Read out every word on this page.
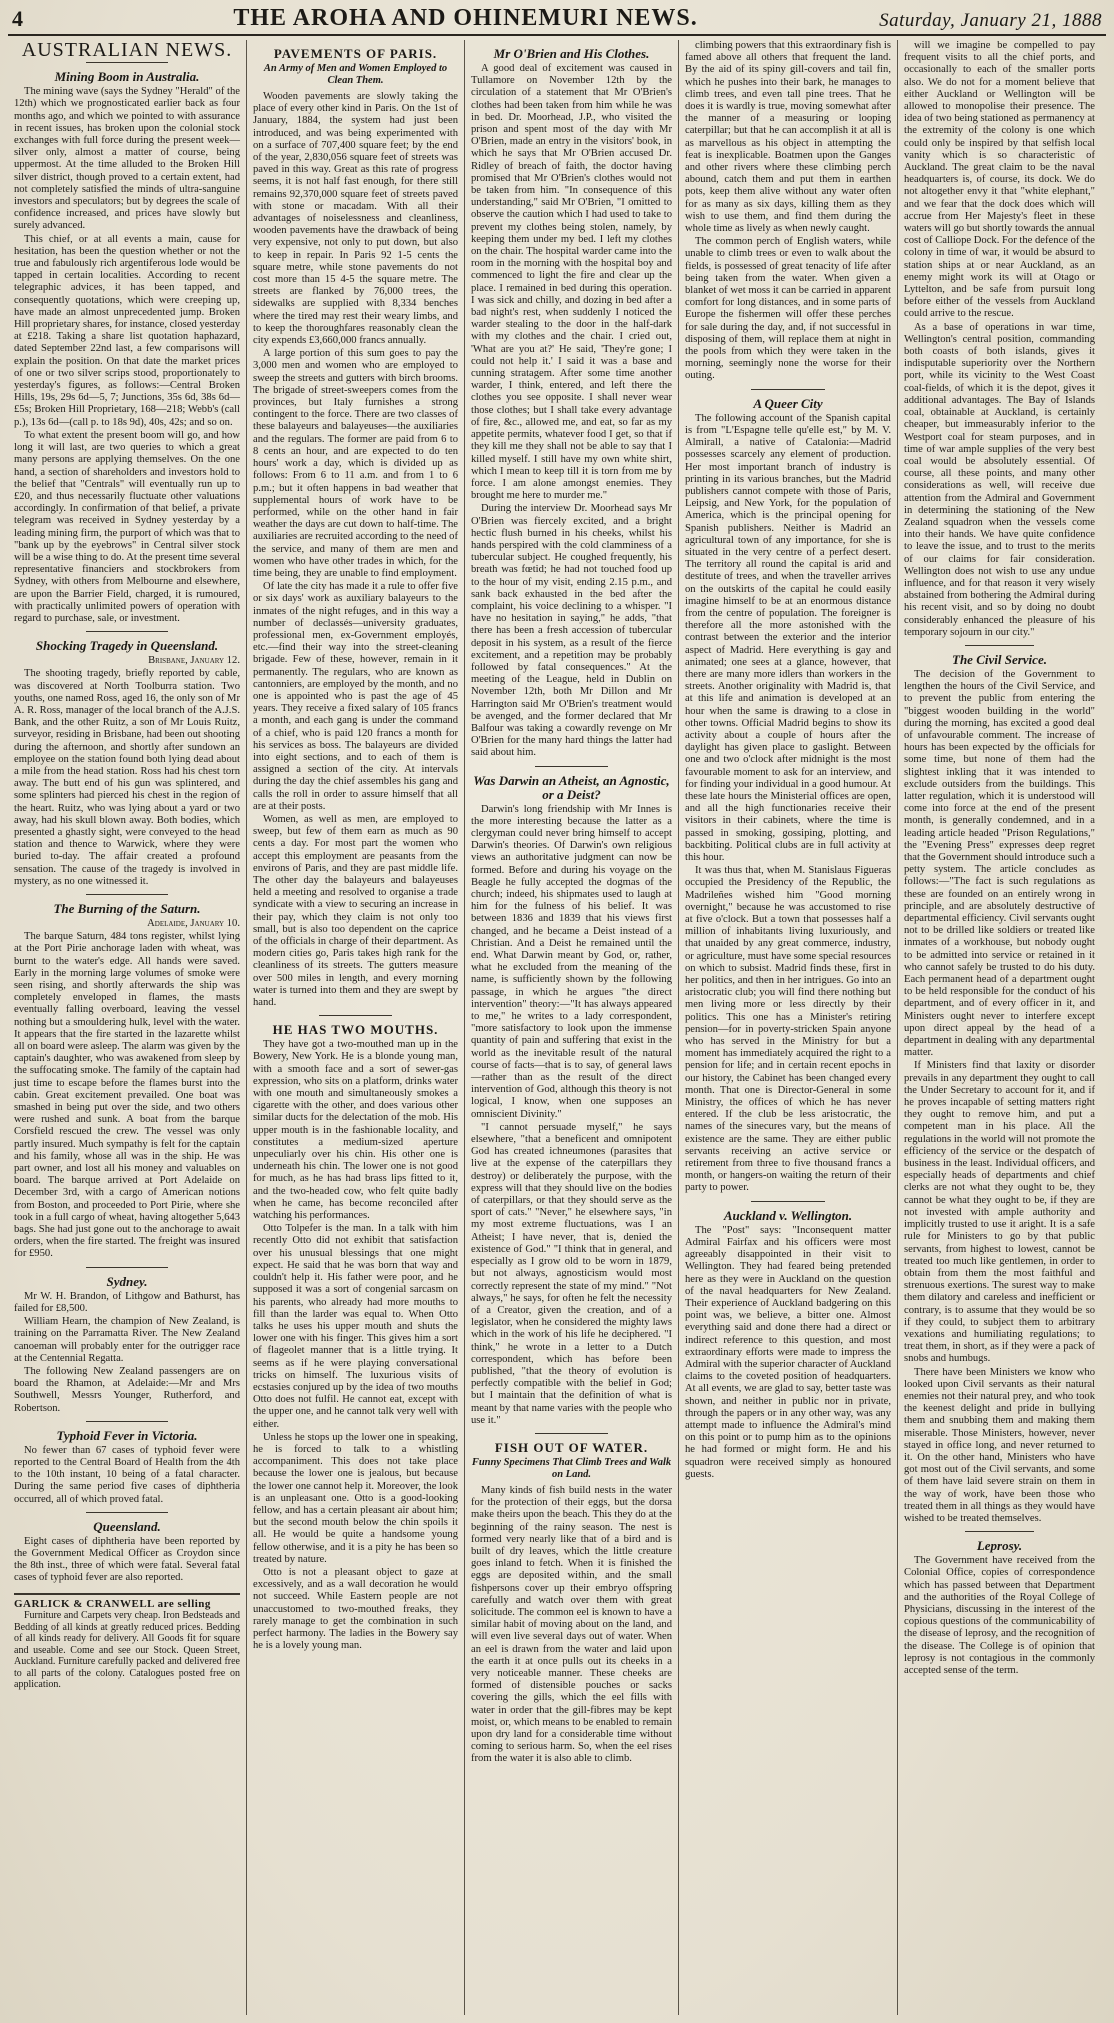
4	THE AROHA AND OHINEMURI NEWS.	Saturday, January 21, 1888
AUSTRALIAN NEWS.
Mining Boom in Australia.

The mining wave (says the Sydney "Herald" of the 12th) which we prognosticated earlier back as four months ago, and which we pointed to with assurance in recent issues, has broken upon the colonial stock exchanges with full force during the present week—silver only, almost a matter of course, being uppermost. At the time alluded to the Broken Hill silver district, though proved to a certain extent, had not completely satisfied the minds of ultra-sanguine investors and speculators; but by degrees the scale of confidence increased, and prices have slowly but surely advanced.

This chief, or at all events a main, cause for hesitation, has been the question whether or not the true and fabulously rich argentiferous lode would be tapped in certain localities. According to recent telegraphic advices, it has been tapped, and consequently quotations, which were creeping up, have made an almost unprecedented jump. Broken Hill proprietary shares, for instance, closed yesterday at £218. Taking a share list quotation haphazard, dated September 22nd last, a few comparisons will explain the position. On that date the market prices of one or two silver scrips stood, proportionately to yesterday's figures, as follows:—Central Broken Hills, 19s, 29s 6d—5, 7; Junctions, 35s 6d, 38s 6d—£5s; Broken Hill Proprietary, 168—218; Webb's (call p.), 13s 6d—(call p. to 18s 9d), 40s, 42s; and so on.

To what extent the present boom will go, and how long it will last, are two queries to which a great many persons are applying themselves. On the one hand, a section of shareholders and investors hold to the belief that "Centrals" will eventually run up to £20, and thus necessarily fluctuate other valuations accordingly. In confirmation of that belief, a private telegram was received in Sydney yesterday by a leading mining firm, the purport of which was that to "bank up by the eyebrows" in Central silver stock will be a wise thing to do. At the present time several representative financiers and stockbrokers from Sydney, with others from Melbourne and elsewhere, are upon the Barrier Field, charged, it is rumoured, with practically unlimited powers of operation with regard to purchase, sale, or investment.

Shocking Tragedy in Queensland.
Brisbane, January 12.

The shooting tragedy, briefly reported by cable, was discovered at North Toolburra station. Two youths, one named Ross, aged 16, the only son of Mr A. R. Ross, manager of the local branch of the A.J.S. Bank, and the other Ruitz, a son of Mr Louis Ruitz, surveyor, residing in Brisbane, had been out shooting during the afternoon, and shortly after sundown an employee on the station found both lying dead about a mile from the head station. Ross had his chest torn away. The butt end of his gun was splintered, and some splinters had pierced his chest in the region of the heart. Ruitz, who was lying about a yard or two away, had his skull blown away. Both bodies, which presented a ghastly sight, were conveyed to the head station and thence to Warwick, where they were buried to-day. The affair created a profound sensation. The cause of the tragedy is involved in mystery, as no one witnessed it.

The Burning of the Saturn.
Adelaide, January 10.

The barque Saturn, 484 tons register, whilst lying at the Port Pirie anchorage laden with wheat, was burnt to the water's edge. All hands were saved. Early in the morning large volumes of smoke were seen rising, and shortly afterwards the ship was completely enveloped in flames, the masts eventually falling overboard, leaving the vessel nothing but a smouldering hulk, level with the water. It appears that the fire started in the lazarette whilst all on board were asleep. The alarm was given by the captain's daughter, who was awakened from sleep by the suffocating smoke. The family of the captain had just time to escape before the flames burst into the cabin. Great excitement prevailed. One boat was smashed in being put over the side, and two others were rushed and sunk. A boat from the barque Corsfield rescued the crew. The vessel was only partly insured. Much sympathy is felt for the captain and his family, whose all was in the ship. He was part owner, and lost all his money and valuables on board. The barque arrived at Port Adelaide on December 3rd, with a cargo of American notions from Boston, and proceeded to Port Pirie, where she took in a full cargo of wheat, having altogether 5,643 bags. She had just gone out to the anchorage to await orders, when the fire started. The freight was insured for £950.

Sydney.

Mr W. H. Brandon, of Lithgow and Bathurst, has failed for £8,500.

William Hearn, the champion of New Zealand, is training on the Parramatta River. The New Zealand canoeman will probably enter for the outrigger race at the Centennial Regatta.

The following New Zealand passengers are on board the Rhamon, at Adelaide:—Mr and Mrs Southwell, Messrs Younger, Rutherford, and Robertson.

Typhoid Fever in Victoria.

No fewer than 67 cases of typhoid fever were reported to the Central Board of Health from the 4th to the 10th instant, 10 being of a fatal character. During the same period five cases of diphtheria occurred, all of which proved fatal.

Queensland.

Eight cases of diphtheria have been reported by the Government Medical Officer as Croydon since the 8th inst., three of which were fatal. Several fatal cases of typhoid fever are also reported.

GARLICK & CRANWELL are selling

Furniture and Carpets very cheap. Iron Bedsteads and Bedding of all kinds at greatly reduced prices. Bedding of all kinds ready for delivery. All Goods fit for square and useable. Come and see our Stock. Queen Street, Auckland. Furniture carefully packed and delivered free to all parts of the colony. Catalogues posted free on application.

PAVEMENTS OF PARIS.
An Army of Men and Women Employed to Clean Them.

Wooden pavements are slowly taking the place of every other kind in Paris. On the 1st of January, 1884, the system had just been introduced, and was being experimented with on a surface of 707,400 square feet; by the end of the year, 2,830,056 square feet of streets was paved in this way. Great as this rate of progress seems, it is not half fast enough, for there still remains 92,370,000 square feet of streets paved with stone or macadam. With all their advantages of noiselessness and cleanliness, wooden pavements have the drawback of being very expensive, not only to put down, but also to keep in repair. In Paris 92 1-5 cents the square metre, while stone pavements do not cost more than 15 4-5 the square metre. The streets are flanked by 76,000 trees, the sidewalks are supplied with 8,334 benches where the tired may rest their weary limbs, and to keep the thoroughfares reasonably clean the city expends £3,660,000 francs annually.

A large portion of this sum goes to pay the 3,000 men and women who are employed to sweep the streets and gutters with birch brooms. The brigade of street-sweepers comes from the provinces, but Italy furnishes a strong contingent to the force. There are two classes of these balayeurs and balayeuses—the auxiliaries and the regulars. The former are paid from 6 to 8 cents an hour, and are expected to do ten hours' work a day, which is divided up as follows: From 6 to 11 a.m. and from 1 to 6 p.m.; but it often happens in bad weather that supplemental hours of work have to be performed, while on the other hand in fair weather the days are cut down to half-time. The auxiliaries are recruited according to the need of the service, and many of them are men and women who have other trades in which, for the time being, they are unable to find employment.

Of late the city has made it a rule to offer five or six days' work as auxiliary balayeurs to the inmates of the night refuges, and in this way a number of declassés—university graduates, professional men, ex-Government employés, etc.—find their way into the street-cleaning brigade. Few of these, however, remain in it permanently. The regulars, who are known as cantonniers, are employed by the month, and no one is appointed who is past the age of 45 years. They receive a fixed salary of 105 francs a month, and each gang is under the command of a chief, who is paid 120 francs a month for his services as boss. The balayeurs are divided into eight sections, and to each of them is assigned a section of the city. At intervals during the day the chief assembles his gang and calls the roll in order to assure himself that all are at their posts.

Women, as well as men, are employed to sweep, but few of them earn as much as 90 cents a day. For most part the women who accept this employment are peasants from the environs of Paris, and they are past middle life. The other day the balayeurs and balayeuses held a meeting and resolved to organise a trade syndicate with a view to securing an increase in their pay, which they claim is not only too small, but is also too dependent on the caprice of the officials in charge of their department. As modern cities go, Paris takes high rank for the cleanliness of its streets. The gutters measure over 500 miles in length, and every morning water is turned into them and they are swept by hand.

HE HAS TWO MOUTHS.

They have got a two-mouthed man up in the Bowery, New York. He is a blonde young man, with a smooth face and a sort of sewer-gas expression, who sits on a platform, drinks water with one mouth and simultaneously smokes a cigarette with the other, and does various other similar ducts for the delectation of the mob. His upper mouth is in the fashionable locality, and constitutes a medium-sized aperture unpeculiarly over his chin. His other one is underneath his chin. The lower one is not good for much, as he has had brass lips fitted to it, and the two-headed cow, who felt quite badly when he came, has become reconciled after watching his performances.

Otto Tolpefer is the man. In a talk with him recently Otto did not exhibit that satisfaction over his unusual blessings that one might expect. He said that he was born that way and couldn't help it. His father were poor, and he supposed it was a sort of congenial sarcasm on his parents, who already had more mouths to fill than the larder was equal to. When Otto talks he uses his upper mouth and shuts the lower one with his finger. This gives him a sort of flageolet manner that is a little trying. It seems as if he were playing conversational tricks on himself. The luxurious visits of ecstasies conjured up by the idea of two mouths Otto does not fulfil. He cannot eat, except with the upper one, and he cannot talk very well with either.

Unless he stops up the lower one in speaking, he is forced to talk to a whistling accompaniment. This does not take place because the lower one is jealous, but because the lower one cannot help it. Moreover, the look is an unpleasant one. Otto is a good-looking fellow, and has a certain pleasant air about him; but the second mouth below the chin spoils it all. He would be quite a handsome young fellow otherwise, and it is a pity he has been so treated by nature.

Otto is not a pleasant object to gaze at excessively, and as a wall decoration he would not succeed. While Eastern people are not unaccustomed to two-mouthed freaks, they rarely manage to get the combination in such perfect harmony. The ladies in the Bowery say he is a lovely young man.

Mr O'Brien and His Clothes.

A good deal of excitement was caused in Tullamore on November 12th by the circulation of a statement that Mr O'Brien's clothes had been taken from him while he was in bed. Dr. Moorhead, J.P., who visited the prison and spent most of the day with Mr O'Brien, made an entry in the visitors' book, in which he says that Mr O'Brien accused Dr. Ridley of breach of faith, the doctor having promised that Mr O'Brien's clothes would not be taken from him. "In consequence of this understanding," said Mr O'Brien, "I omitted to observe the caution which I had used to take to prevent my clothes being stolen, namely, by keeping them under my bed. I left my clothes on the chair. The hospital warder came into the room in the morning with the hospital boy and commenced to light the fire and clear up the place. I remained in bed during this operation. I was sick and chilly, and dozing in bed after a bad night's rest, when suddenly I noticed the warder stealing to the door in the half-dark with my clothes and the chair. I cried out, 'What are you at?' He said, 'They're gone; I could not help it.' I said it was a base and cunning stratagem. After some time another warder, I think, entered, and left there the clothes you see opposite. I shall never wear those clothes; but I shall take every advantage of fire, &c., allowed me, and eat, so far as my appetite permits, whatever food I get, so that if they kill me they shall not be able to say that I killed myself. I still have my own white shirt, which I mean to keep till it is torn from me by force. I am alone amongst enemies. They brought me here to murder me."

During the interview Dr. Moorhead says Mr O'Brien was fiercely excited, and a bright hectic flush burned in his cheeks, whilst his hands perspired with the cold clamminess of a tubercular subject. He coughed frequently, his breath was fœtid; he had not touched food up to the hour of my visit, ending 2.15 p.m., and sank back exhausted in the bed after the complaint, his voice declining to a whisper. "I have no hesitation in saying," he adds, "that there has been a fresh accession of tubercular deposit in his system, as a result of the fierce excitement, and a repetition may be probably followed by fatal consequences." At the meeting of the League, held in Dublin on November 12th, both Mr Dillon and Mr Harrington said Mr O'Brien's treatment would be avenged, and the former declared that Mr Balfour was taking a cowardly revenge on Mr O'Brien for the many hard things the latter had said about him.

Was Darwin an Atheist, an Agnostic, or a Deist?

Darwin's long friendship with Mr Innes is the more interesting because the latter as a clergyman could never bring himself to accept Darwin's theories. Of Darwin's own religious views an authoritative judgment can now be formed. Before and during his voyage on the Beagle he fully accepted the dogmas of the church; indeed, his shipmates used to laugh at him for the fulness of his belief. It was between 1836 and 1839 that his views first changed, and he became a Deist instead of a Christian. And a Deist he remained until the end. What Darwin meant by God, or, rather, what he excluded from the meaning of the name, is sufficiently shown by the following passage, in which he argues "the direct intervention" theory:—"It has always appeared to me," he writes to a lady correspondent, "more satisfactory to look upon the immense quantity of pain and suffering that exist in the world as the inevitable result of the natural course of facts—that is to say, of general laws—rather than as the result of the direct intervention of God, although this theory is not logical, I know, when one supposes an omniscient Divinity."

"I cannot persuade myself," he says elsewhere, "that a beneficent and omnipotent God has created ichneumones (parasites that live at the expense of the caterpillars they destroy) or deliberately the purpose, with the express will that they should live on the bodies of caterpillars, or that they should serve as the sport of cats." "Never," he elsewhere says, "in my most extreme fluctuations, was I an Atheist; I have never, that is, denied the existence of God." "I think that in general, and especially as I grow old to be worn in 1879, but not always, agnosticism would most correctly represent the state of my mind." "Not always," he says, for often he felt the necessity of a Creator, given the creation, and of a legislator, when he considered the mighty laws which in the work of his life he deciphered. "I think," he wrote in a letter to a Dutch correspondent, which has before been published, "that the theory of evolution is perfectly compatible with the belief in God; but I maintain that the definition of what is meant by that name varies with the people who use it."

FISH OUT OF WATER.
Funny Specimens That Climb Trees and Walk on Land.

Many kinds of fish build nests in the water for the protection of their eggs, but the dorsa make theirs upon the beach. This they do at the beginning of the rainy season. The nest is formed very nearly like that of a bird and is built of dry leaves, which the little creature goes inland to fetch. When it is finished the eggs are deposited within, and the small fishpersons cover up their embryo offspring carefully and watch over them with great solicitude. The common eel is known to have a similar habit of moving about on the land, and will even live several days out of water. When an eel is drawn from the water and laid upon the earth it at once pulls out its cheeks in a very noticeable manner. These cheeks are formed of distensible pouches or sacks covering the gills, which the eel fills with water in order that the gill-fibres may be kept moist, or, which means to be enabled to remain upon dry land for a considerable time without coming to serious harm. So, when the eel rises from the water it is also able to climb.

climbing powers that this extraordinary fish is famed above all others that frequent the land. By the aid of its spiny gill-covers and tail fin, which he pushes into their bark, he manages to climb trees, and even tall pine trees. That he does it is wardly is true, moving somewhat after the manner of a measuring or looping caterpillar; but that he can accomplish it at all is as marvellous as his object in attempting the feat is inexplicable. Boatmen upon the Ganges and other rivers where these climbing perch abound, catch them and put them in earthen pots, keep them alive without any water often for as many as six days, killing them as they wish to use them, and find them during the whole time as lively as when newly caught.

The common perch of English waters, while unable to climb trees or even to walk about the fields, is possessed of great tenacity of life after being taken from the water. When given a blanket of wet moss it can be carried in apparent comfort for long distances, and in some parts of Europe the fishermen will offer these perches for sale during the day, and, if not successful in disposing of them, will replace them at night in the pools from which they were taken in the morning, seemingly none the worse for their outing.

A Queer City

The following account of the Spanish capital is from "L'Espagne telle qu'elle est," by M. V. Almirall, a native of Catalonia:—Madrid possesses scarcely any element of production. Her most important branch of industry is printing in its various branches, but the Madrid publishers cannot compete with those of Paris, Leipsig, and New York, for the population of America, which is the principal opening for Spanish publishers. Neither is Madrid an agricultural town of any importance, for she is situated in the very centre of a perfect desert. The territory all round the capital is arid and destitute of trees, and when the traveller arrives on the outskirts of the capital he could easily imagine himself to be at an enormous distance from the centre of population. The foreigner is therefore all the more astonished with the contrast between the exterior and the interior aspect of Madrid. Here everything is gay and animated; one sees at a glance, however, that there are many more idlers than workers in the streets. Another originality with Madrid is, that at this life and animation is developed at an hour when the same is drawing to a close in other towns. Official Madrid begins to show its activity about a couple of hours after the daylight has given place to gaslight. Between one and two o'clock after midnight is the most favourable moment to ask for an interview, and for finding your individual in a good humour. At these late hours the Ministerial offices are open, and all the high functionaries receive their visitors in their cabinets, where the time is passed in smoking, gossiping, plotting, and backbiting. Political clubs are in full activity at this hour.

It was thus that, when M. Stanislaus Figueras occupied the Presidency of the Republic, the Madrileñes wished him "Good morning overnight," because he was accustomed to rise at five o'clock. But a town that possesses half a million of inhabitants living luxuriously, and that unaided by any great commerce, industry, or agriculture, must have some special resources on which to subsist. Madrid finds these, first in her politics, and then in her intrigues. Go into an aristocratic club; you will find there nothing but men living more or less directly by their politics. This one has a Minister's retiring pension—for in poverty-stricken Spain anyone who has served in the Ministry for but a moment has immediately acquired the right to a pension for life; and in certain recent epochs in our history, the Cabinet has been changed every month. That one is Director-General in some Ministry, the offices of which he has never entered. If the club be less aristocratic, the names of the sinecures vary, but the means of existence are the same. They are either public servants receiving an active service or retirement from three to five thousand francs a month, or hangers-on waiting the return of their party to power.

Auckland v. Wellington.

The "Post" says: "Inconsequent matter Admiral Fairfax and his officers were most agreeably disappointed in their visit to Wellington. They had feared being pretended here as they were in Auckland on the question of the naval headquarters for New Zealand. Their experience of Auckland badgering on this point was, we believe, a bitter one. Almost everything said and done there had a direct or indirect reference to this question, and most extraordinary efforts were made to impress the Admiral with the superior character of Auckland claims to the coveted position of headquarters. At all events, we are glad to say, better taste was shown, and neither in public nor in private, through the papers or in any other way, was any attempt made to influence the Admiral's mind on this point or to pump him as to the opinions he had formed or might form. He and his squadron were received simply as honoured guests.

will we imagine be compelled to pay frequent visits to all the chief ports, and occasionally to each of the smaller ports also. We do not for a moment believe that either Auckland or Wellington will be allowed to monopolise their presence. The idea of two being stationed as permanency at the extremity of the colony is one which could only be inspired by that selfish local vanity which is so characteristic of Auckland. The great claim to be the naval headquarters is, of course, its dock. We do not altogether envy it that "white elephant," and we fear that the dock does which will accrue from Her Majesty's fleet in these waters will go but shortly towards the annual cost of Calliope Dock. For the defence of the colony in time of war, it would be absurd to station ships at or near Auckland, as an enemy might work its will at Otago or Lyttelton, and be safe from pursuit long before either of the vessels from Auckland could arrive to the rescue.

As a base of operations in war time, Wellington's central position, commanding both coasts of both islands, gives it indisputable superiority over the Northern port, while its vicinity to the West Coast coal-fields, of which it is the depot, gives it additional advantages. The Bay of Islands coal, obtainable at Auckland, is certainly cheaper, but immeasurably inferior to the Westport coal for steam purposes, and in time of war ample supplies of the very best coal would be absolutely essential. Of course, all these points, and many other considerations as well, will receive due attention from the Admiral and Government in determining the stationing of the New Zealand squadron when the vessels come into their hands. We have quite confidence to leave the issue, and to trust to the merits of our claims for fair consideration. Wellington does not wish to use any undue influence, and for that reason it very wisely abstained from bothering the Admiral during his recent visit, and so by doing no doubt considerably enhanced the pleasure of his temporary sojourn in our city."

The Civil Service.

The decision of the Government to lengthen the hours of the Civil Service, and to prevent the public from entering the "biggest wooden building in the world" during the morning, has excited a good deal of unfavourable comment. The increase of hours has been expected by the officials for some time, but none of them had the slightest inkling that it was intended to exclude outsiders from the buildings. This latter regulation, which it is understood will come into force at the end of the present month, is generally condemned, and in a leading article headed "Prison Regulations," the "Evening Press" expresses deep regret that the Government should introduce such a petty system. The article concludes as follows:—"The fact is such regulations as these are founded on an entirely wrong in principle, and are absolutely destructive of departmental efficiency. Civil servants ought not to be drilled like soldiers or treated like inmates of a workhouse, but nobody ought to be admitted into service or retained in it who cannot safely be trusted to do his duty. Each permanent head of a department ought to be held responsible for the conduct of his department, and of every officer in it, and Ministers ought never to interfere except upon direct appeal by the head of a department in dealing with any departmental matter.

If Ministers find that laxity or disorder prevails in any department they ought to call the Under Secretary to account for it, and if he proves incapable of setting matters right they ought to remove him, and put a competent man in his place. All the regulations in the world will not promote the efficiency of the service or the despatch of business in the least. Individual officers, and especially heads of departments and chief clerks are not what they ought to be, they cannot be what they ought to be, if they are not invested with ample authority and implicitly trusted to use it aright. It is a safe rule for Ministers to go by that public servants, from highest to lowest, cannot be treated too much like gentlemen, in order to obtain from them the most faithful and strenuous exertions. The surest way to make them dilatory and careless and inefficient or contrary, is to assume that they would be so if they could, to subject them to arbitrary vexations and humiliating regulations; to treat them, in short, as if they were a pack of snobs and humbugs.

There have been Ministers we know who looked upon Civil servants as their natural enemies not their natural prey, and who took the keenest delight and pride in bullying them and snubbing them and making them miserable. Those Ministers, however, never stayed in office long, and never returned to it. On the other hand, Ministers who have got most out of the Civil servants, and some of them have laid severe strain on them in the way of work, have been those who treated them in all things as they would have wished to be treated themselves.

Leprosy.

The Government have received from the Colonial Office, copies of correspondence which has passed between that Department and the authorities of the Royal College of Physicians, discussing in the interest of the copious questions of the communicability of the disease of leprosy, and the recognition of the disease. The College is of opinion that leprosy is not contagious in the commonly accepted sense of the term.
